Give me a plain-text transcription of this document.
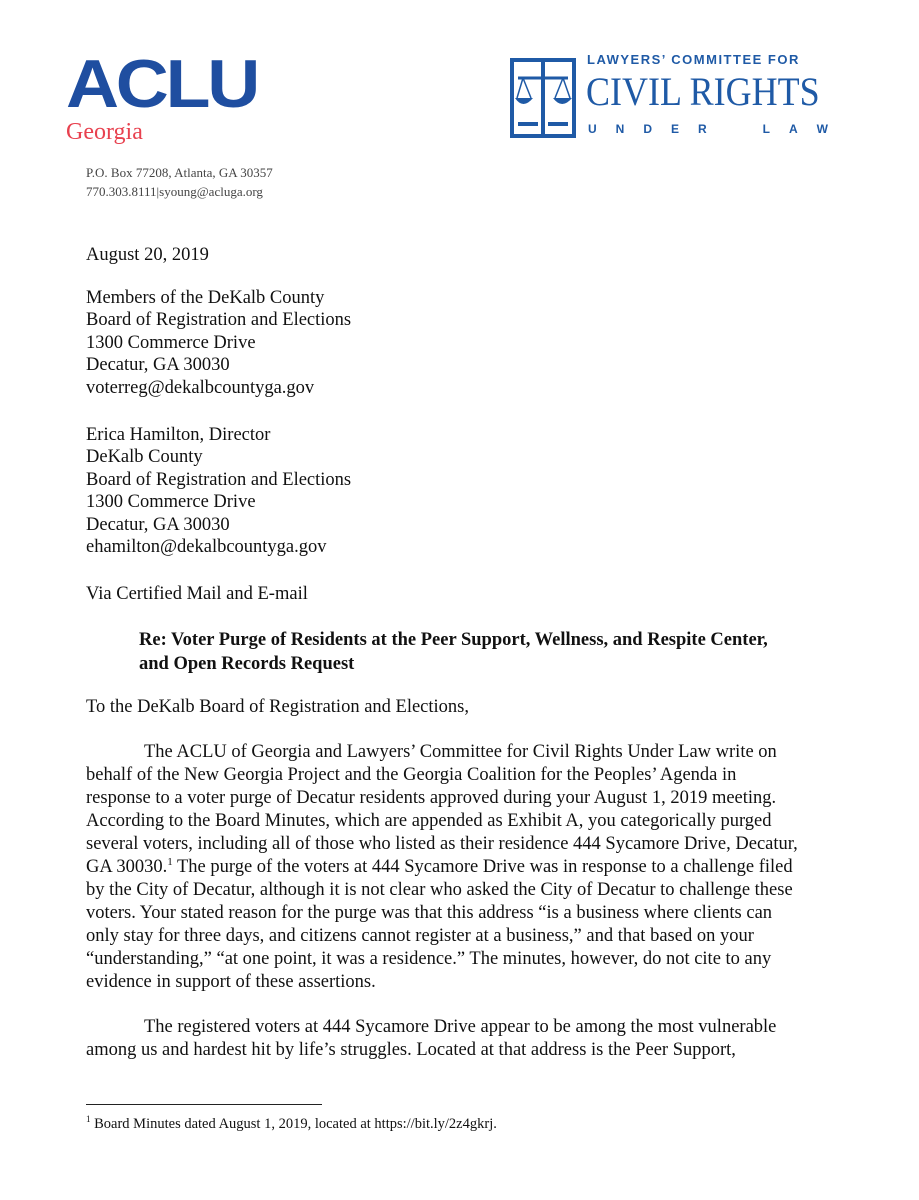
ACLU
Georgia
LAWYERS’ COMMITTEE FOR
CIVIL RIGHTS
U N D E R	L A W
P.O. Box 77208, Atlanta, GA 30357
770.303.8111|syoung@acluga.org
August 20, 2019
Members of the DeKalb County
Board of Registration and Elections
1300 Commerce Drive
Decatur, GA 30030
voterreg@dekalbcountyga.gov
Erica Hamilton, Director
DeKalb County
Board of Registration and Elections
1300 Commerce Drive
Decatur, GA 30030
ehamilton@dekalbcountyga.gov
Via Certified Mail and E-mail
Re: Voter Purge of Residents at the Peer Support, Wellness, and Respite Center,
and Open Records Request
To the DeKalb Board of Registration and Elections,
The ACLU of Georgia and Lawyers’ Committee for Civil Rights Under Law write on
behalf of the New Georgia Project and the Georgia Coalition for the Peoples’ Agenda in
response to a voter purge of Decatur residents approved during your August 1, 2019 meeting.
According to the Board Minutes, which are appended as Exhibit A, you categorically purged
several voters, including all of those who listed as their residence 444 Sycamore Drive, Decatur,
GA 30030.$^1$ The purge of the voters at 444 Sycamore Drive was in response to a challenge filed
by the City of Decatur, although it is not clear who asked the City of Decatur to challenge these
voters. Your stated reason for the purge was that this address “is a business where clients can
only stay for three days, and citizens cannot register at a business,” and that based on your
“understanding,” “at one point, it was a residence.” The minutes, however, do not cite to any
evidence in support of these assertions.
The registered voters at 444 Sycamore Drive appear to be among the most vulnerable
among us and hardest hit by life’s struggles. Located at that address is the Peer Support,
$^1$ Board Minutes dated August 1, 2019, located at https://bit.ly/2z4gkrj.
